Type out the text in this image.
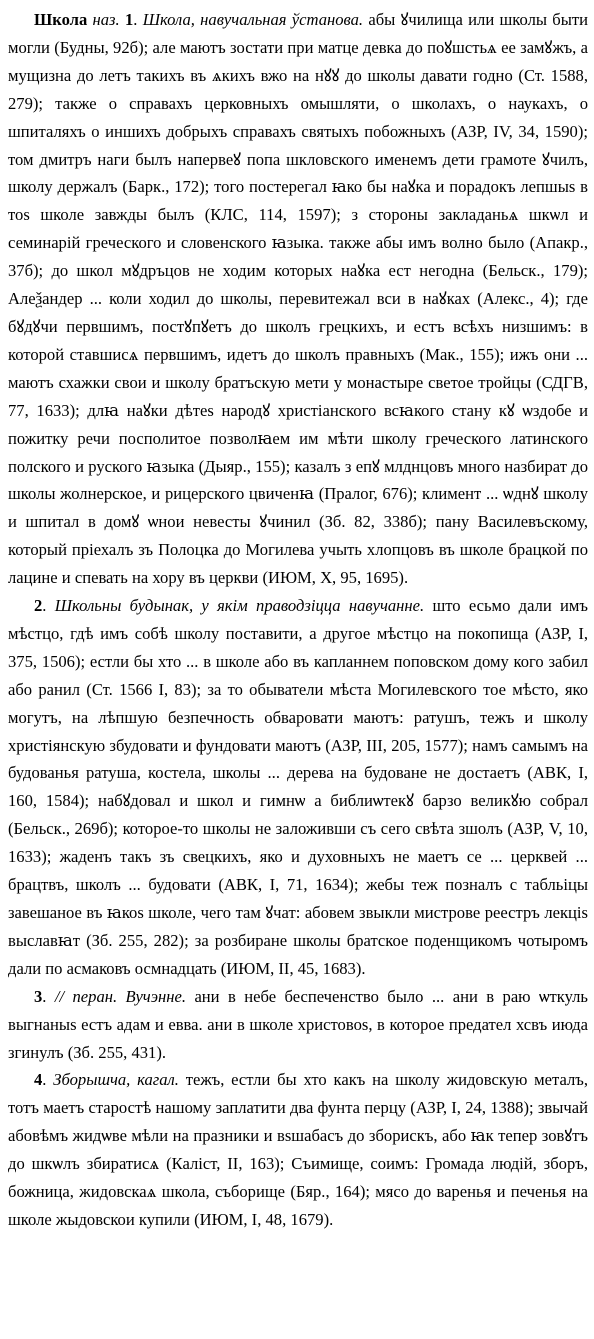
Школа наз. 1. Школа, навучальная ўстанова. абы ꙋчилища или школы быти могли (Будны, 92б); але маютъ зостати при матце девка до поꙋшстьѧ ее замꙋжъ, а мущизна до летъ такихъ въ ѧкихъ вжо на нꙋꙋ до школы давати годно (Ст. 1588, 279); также о справахъ церковныхъ омышляти, о школахъ, о наукахъ, о шпиталяхъ о иншихъ добрыхъ справахъ святыхъ побожныхъ (АЗР, IV, 34, 1590); том дмитръ наги былъ напервеꙋ попа шкловского именемъ дети грамоте ꙋчилъ, школу держалъ (Барк., 172); того постерегал ꙗко бы наꙋка и порадокъ лепшыѕ в тоѕ школе завжды былъ (КЛС, 114, 1597); з стороны закладаньѧ шкѡл и семинарій греческого и словенского ꙗзыка. также абы имъ волно было (Апакр., 37б); до школ мꙋдръцов не ходим которых наꙋка ест негодна (Бельск., 179); Алеѯандер ... коли ходил до школы, перевитежал вси в наꙋках (Алекс., 4); где бꙋдꙋчи первшимъ, постꙋпꙋетъ до школъ грецкихъ, и естъ всѣхъ низшимъ: в которой ставшисѧ первшимъ, идетъ до школъ правныхъ (Мак., 155); ижъ они ... маютъ схажки свои и школу братъскую мети у монастыре светое тройцы (СДГВ, 77, 1633); длꙗ наꙋки дѣтеѕ народꙋ христіанского всꙗкого стану кꙋ ѡздобе и пожитку речи посполитое позволꙗем им мѣти школу греческого латинского полского и руского ꙗзыка (Дыяр., 155); казалъ з епꙋ млднцовъ много назбират до школы жолнерское, и рицерского цвиченꙗ (Пралог, 676); климент ... ѡднꙋ школу и шпитал в домꙋ ѡнои невесты ꙋчинил (Зб. 82, 338б); пану Василевъскому, который прiехалъ зъ Полоцка до Могилева учыть хлопцовъ въ школе брацкой по лацине и спевать на хору въ церкви (ИЮМ, X, 95, 1695).

2. Школьны будынак, у якім праводзіцца навучанне. што есьмо дали имъ мѣстцо, гдѣ имъ собѣ школу поставити, а другое мѣстцо на покопища (АЗР, I, 375, 1506); естли бы хто ... в школе або въ капланнем поповском дому кого забил або ранил (Ст. 1566 I, 83); за то обыватели мѣста Могилевского тое мѣсто, яко могутъ, на лѣпшую безпечность обваровати маютъ: ратушъ, тежъ и школу христіянскую збудовати и фундовати маютъ (АЗР, III, 205, 1577); намъ самымъ на будованья ратуша, костела, школы ... дерева на будоване не достаетъ (АВК, I, 160, 1584); набꙋдовал и школ и гимнѡ а библиѡтекꙋ барзо великꙋю собрал (Бельск., 269б); которое-то школы не заложивши съ сего свѣта зшолъ (АЗР, V, 10, 1633); жаденъ такъ зъ свецкихъ, яко и духовныхъ не маетъ се ... церквей ... брацтвъ, школъ ... будовати (АВК, I, 71, 1634); жебы теж позналъ с табльіцы завешаное въ ꙗкоѕ школе, чего там ꙋчат: абовем звыкли мистрове реестръ лекціѕ выславꙗт (Зб. 255, 282); за розбиране школы братское поденщикомъ чотыромъ дали по асмаковъ осмнадцать (ИЮМ, II, 45, 1683).

3. // перан. Вучэнне. ани в небе беспеченство было ... ани в раю ѡткуль выгнаныѕ естъ адам и евва. ани в школе христовоѕ, в которое предател хсвъ июда згинулъ (Зб. 255, 431).

4. Зборышча, кагал. тежъ, естли бы хто какъ на школу жидовскую металъ, тотъ маетъ старостѣ нашому заплатити два фунта перцу (АЗР, I, 24, 1388); звычай абовѣмъ жидѡве мѣли на празники и вѕшабасъ до зборискъ, або ꙗк тепер зовꙋтъ до шкѡлъ збиратисѧ (Каліст, II, 163); Съимище, соимъ: Громада людій, зборъ, божница, жидовскаѧ школа, съборище (Бяр., 164); мясо до варенья и печенья на школе жыдовскои купили (ИЮМ, I, 48, 1679).
